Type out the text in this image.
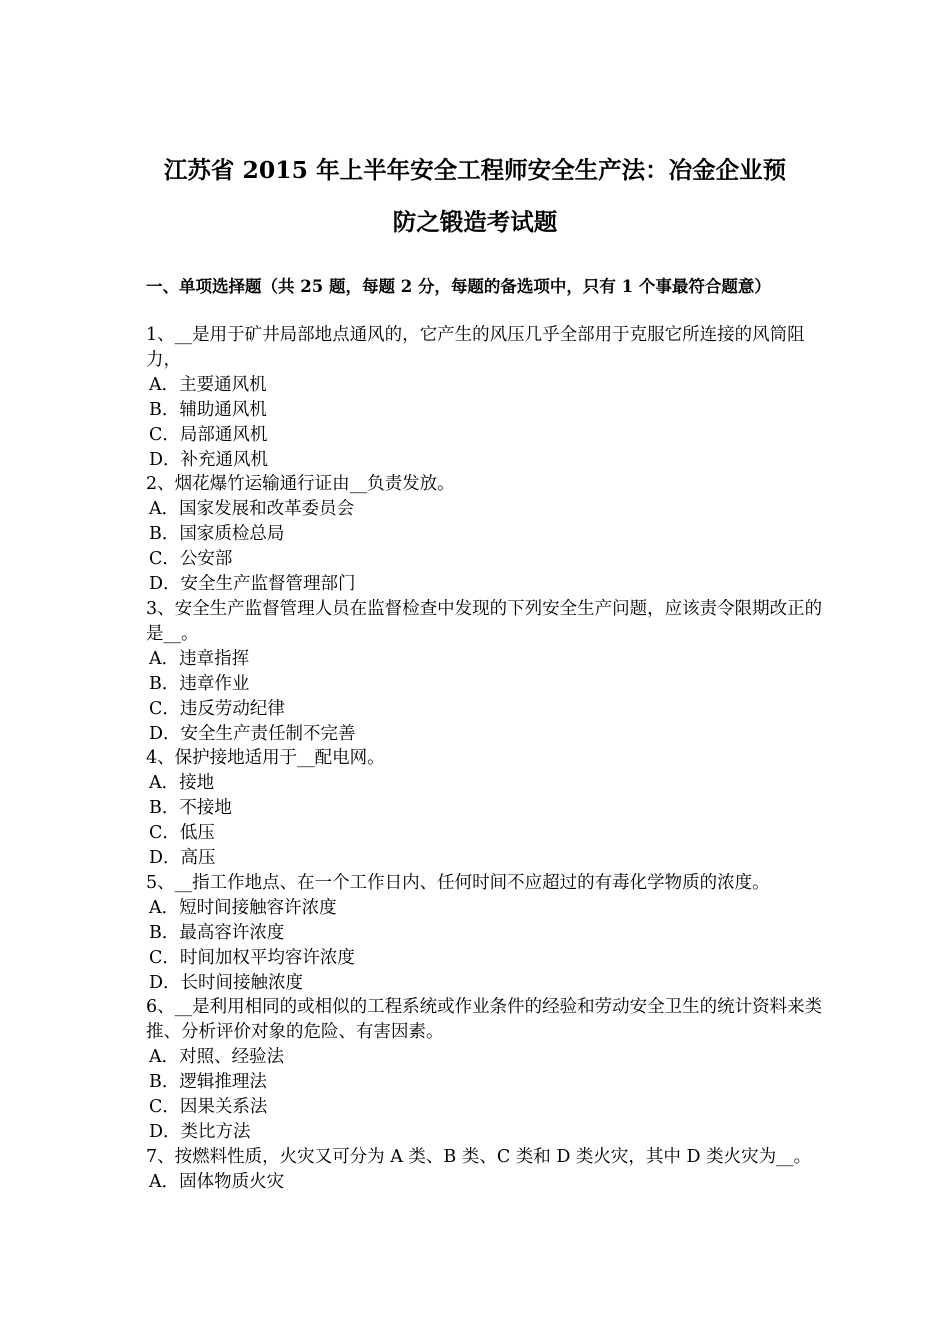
江苏省 2015 年上半年安全工程师安全生产法：冶金企业预
防之锻造考试题
一、单项选择题（共 25 题，每题 2 分，每题的备选项中，只有 1 个事最符合题意）
1、__是用于矿井局部地点通风的，它产生的风压几乎全部用于克服它所连接的风筒阻力，
A．主要通风机
B．辅助通风机
C．局部通风机
D．补充通风机
2、烟花爆竹运输通行证由__负责发放。
A．国家发展和改革委员会
B．国家质检总局
C．公安部
D．安全生产监督管理部门
3、安全生产监督管理人员在监督检查中发现的下列安全生产问题，应该责令限期改正的是__。
A．违章指挥
B．违章作业
C．违反劳动纪律
D．安全生产责任制不完善
4、保护接地适用于__配电网。
A．接地
B．不接地
C．低压
D．高压
5、__指工作地点、在一个工作日内、任何时间不应超过的有毒化学物质的浓度。
A．短时间接触容许浓度
B．最高容许浓度
C．时间加权平均容许浓度
D．长时间接触浓度
6、__是利用相同的或相似的工程系统或作业条件的经验和劳动安全卫生的统计资料来类推、分析评价对象的危险、有害因素。
A．对照、经验法
B．逻辑推理法
C．因果关系法
D．类比方法
7、按燃料性质，火灾又可分为 A 类、B 类、C 类和 D 类火灾，其中 D 类火灾为__。
A．固体物质火灾
